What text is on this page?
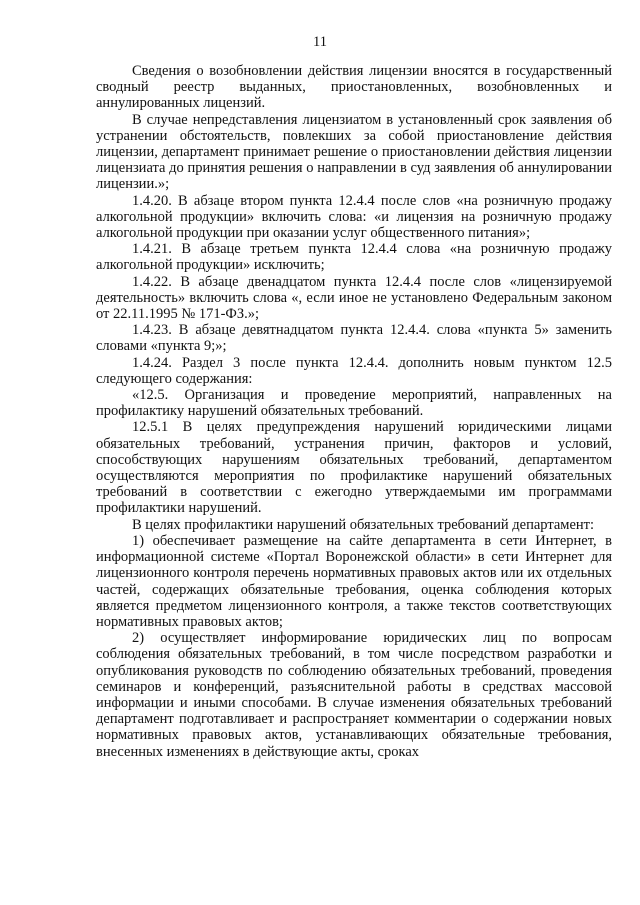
11

Сведения о возобновлении действия лицензии вносятся в государственный сводный реестр выданных, приостановленных, возобновленных и аннулированных лицензий.

В случае непредставления лицензиатом в установленный срок заявления об устранении обстоятельств, повлекших за собой приостановление действия лицензии, департамент принимает решение о приостановлении действия лицензии лицензиата до принятия решения о направлении в суд заявления об аннулировании лицензии.»;

1.4.20. В абзаце втором пункта 12.4.4 после слов «на розничную продажу алкогольной продукции» включить слова: «и лицензия на розничную продажу алкогольной продукции при оказании услуг общественного питания»;

1.4.21. В абзаце третьем пункта 12.4.4 слова «на розничную продажу алкогольной продукции» исключить;

1.4.22. В абзаце двенадцатом пункта 12.4.4 после слов «лицензируемой деятельность» включить слова «, если иное не установлено Федеральным законом от 22.11.1995 № 171-ФЗ.»;

1.4.23. В абзаце девятнадцатом пункта 12.4.4. слова «пункта 5» заменить словами «пункта 9;»;

1.4.24. Раздел 3 после пункта 12.4.4. дополнить новым пунктом 12.5 следующего содержания:

«12.5. Организация и проведение мероприятий, направленных на профилактику нарушений обязательных требований.

12.5.1 В целях предупреждения нарушений юридическими лицами обязательных требований, устранения причин, факторов и условий, способствующих нарушениям обязательных требований, департаментом осуществляются мероприятия по профилактике нарушений обязательных требований в соответствии с ежегодно утверждаемыми им программами профилактики нарушений.

В целях профилактики нарушений обязательных требований департамент:

1) обеспечивает размещение на сайте департамента в сети Интернет, в информационной системе «Портал Воронежской области» в сети Интернет для лицензионного контроля перечень нормативных правовых актов или их отдельных частей, содержащих обязательные требования, оценка соблюдения которых является предметом лицензионного контроля, а также текстов соответствующих нормативных правовых актов;

2) осуществляет информирование юридических лиц по вопросам соблюдения обязательных требований, в том числе посредством разработки и опубликования руководств по соблюдению обязательных требований, проведения семинаров и конференций, разъяснительной работы в средствах массовой информации и иными способами. В случае изменения обязательных требований департамент подготавливает и распространяет комментарии о содержании новых нормативных правовых актов, устанавливающих обязательные требования, внесенных изменениях в действующие акты, сроках
